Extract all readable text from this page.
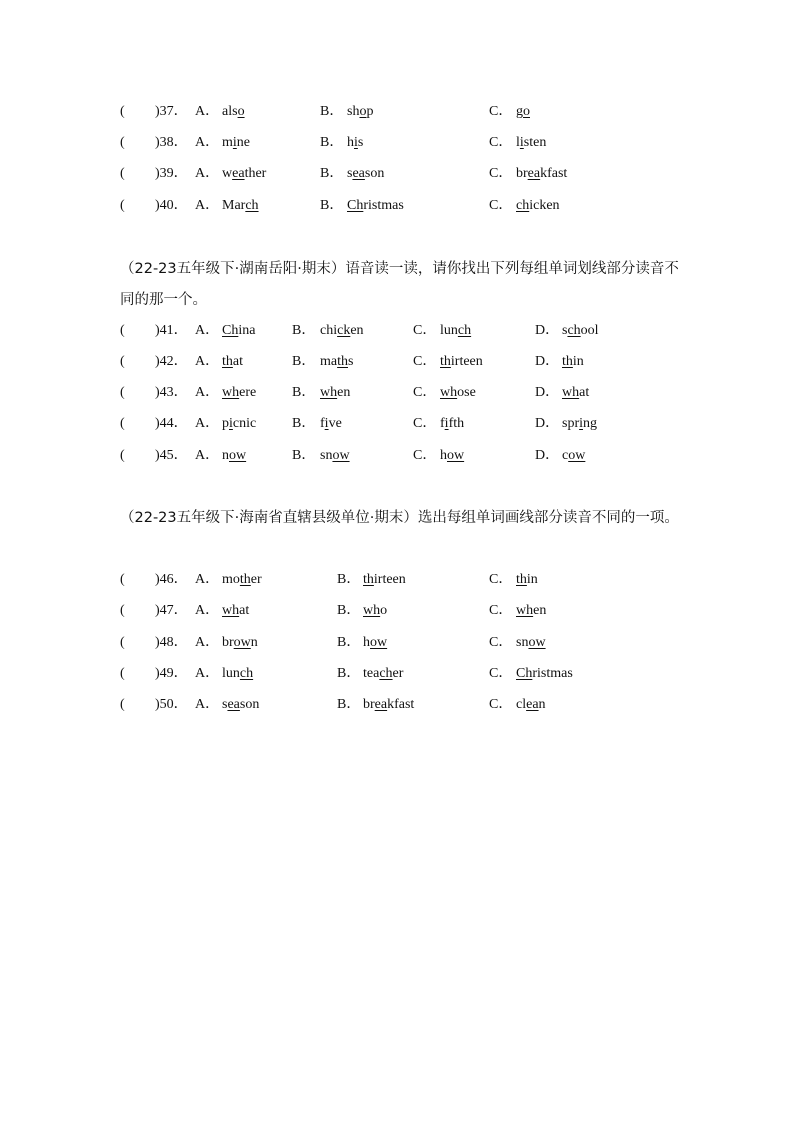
( )37． A． also	B． shop	C． go
( )38． A． mine	B． his	C． listen
( )39． A． weather	B． season	C． breakfast
( )40． A． March	B． Christmas	C． chicken
（22-23五年级下·湖南岳阳·期末）语音读一读，请你找出下列每组单词划线部分读音不同的那一个。
( )41． A． China	B． chicken	C． lunch	D． school
( )42． A． that	B． maths	C． thirteen	D． thin
( )43． A． where	B． when	C． whose	D． what
( )44． A． picnic	B． five	C． fifth	D． spring
( )45． A． now	B． snow	C． how	D． cow
（22-23五年级下·海南省直辖县级单位·期末）选出每组单词画线部分读音不同的一项。
( )46． A． mother	B． thirteen	C． thin
( )47． A． what	B． who	C． when
( )48． A． brown	B． how	C． snow
( )49． A． lunch	B． teacher	C． Christmas
( )50． A． season	B． breakfast	C． clean
